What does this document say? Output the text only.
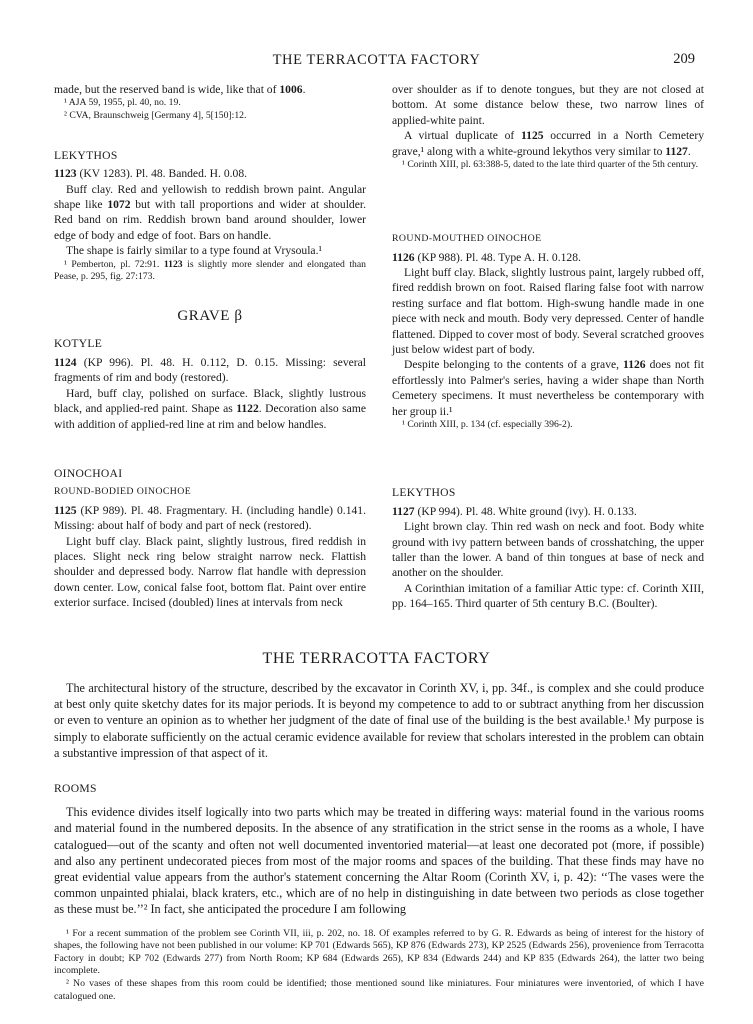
THE TERRACOTTA FACTORY	209

made, but the reserved band is wide, like that of 1006.

¹ AJA 59, 1955, pl. 40, no. 19.

² CVA, Braunschweig [Germany 4], 5[150]:12.

LEKYTHOS

1123 (KV 1283). Pl. 48. Banded. H. 0.08.

Buff clay. Red and yellowish to reddish brown paint. Angular shape like 1072 but with tall proportions and wider at shoulder. Red band on rim. Reddish brown band around shoulder, lower edge of body and edge of foot. Bars on handle.

The shape is fairly similar to a type found at Vrysoula.¹

¹ Pemberton, pl. 72:91. 1123 is slightly more slender and elongated than Pease, p. 295, fig. 27:173.

GRAVE β
KOTYLE

1124 (KP 996). Pl. 48. H. 0.112, D. 0.15. Missing: several fragments of rim and body (restored).

Hard, buff clay, polished on surface. Black, slightly lustrous black, and applied-red paint. Shape as 1122. Decoration also same with addition of applied-red line at rim and below handles.

OINOCHOAI
ROUND-BODIED OINOCHOE

1125 (KP 989). Pl. 48. Fragmentary. H. (including handle) 0.141. Missing: about half of body and part of neck (restored).

Light buff clay. Black paint, slightly lustrous, fired reddish in places. Slight neck ring below straight narrow neck. Flattish shoulder and depressed body. Narrow flat handle with depression down center. Low, conical false foot, bottom flat. Paint over entire exterior surface. Incised (doubled) lines at intervals from neck

over shoulder as if to denote tongues, but they are not closed at bottom. At some distance below these, two narrow lines of applied-white paint.

A virtual duplicate of 1125 occurred in a North Cemetery grave,¹ along with a white-ground lekythos very similar to 1127.

¹ Corinth XIII, pl. 63:388-5, dated to the late third quarter of the 5th century.

ROUND-MOUTHED OINOCHOE

1126 (KP 988). Pl. 48. Type A. H. 0.128.

Light buff clay. Black, slightly lustrous paint, largely rubbed off, fired reddish brown on foot. Raised flaring false foot with narrow resting surface and flat bottom. High-swung handle made in one piece with neck and mouth. Body very depressed. Center of handle flattened. Dipped to cover most of body. Several scratched grooves just below widest part of body.

Despite belonging to the contents of a grave, 1126 does not fit effortlessly into Palmer's series, having a wider shape than North Cemetery specimens. It must nevertheless be contemporary with her group ii.¹

¹ Corinth XIII, p. 134 (cf. especially 396-2).

LEKYTHOS

1127 (KP 994). Pl. 48. White ground (ivy). H. 0.133.

Light brown clay. Thin red wash on neck and foot. Body white ground with ivy pattern between bands of crosshatching, the upper taller than the lower. A band of thin tongues at base of neck and another on the shoulder.

A Corinthian imitation of a familiar Attic type: cf. Corinth XIII, pp. 164–165. Third quarter of 5th century B.C. (Boulter).

THE TERRACOTTA FACTORY

The architectural history of the structure, described by the excavator in Corinth XV, i, pp. 34f., is complex and she could produce at best only quite sketchy dates for its major periods. It is beyond my competence to add to or subtract anything from her discussion or even to venture an opinion as to whether her judgment of the date of final use of the building is the best available.¹ My purpose is simply to elaborate sufficiently on the actual ceramic evidence available for review that scholars interested in the problem can obtain a substantive impression of that aspect of it.

ROOMS

This evidence divides itself logically into two parts which may be treated in differing ways: material found in the various rooms and material found in the numbered deposits. In the absence of any stratification in the strict sense in the rooms as a whole, I have catalogued—out of the scanty and often not well documented inventoried material—at least one decorated pot (more, if possible) and also any pertinent undecorated pieces from most of the major rooms and spaces of the building. That these finds may have no great evidential value appears from the author's statement concerning the Altar Room (Corinth XV, i, p. 42): ‘‘The vases were the common unpainted phialai, black kraters, etc., which are of no help in distinguishing in date between two periods as close together as these must be.’’² In fact, she anticipated the procedure I am following

¹ For a recent summation of the problem see Corinth VII, iii, p. 202, no. 18. Of examples referred to by G. R. Edwards as being of interest for the history of shapes, the following have not been published in our volume: KP 701 (Edwards 565), KP 876 (Edwards 273), KP 2525 (Edwards 256), provenience from Terracotta Factory in doubt; KP 702 (Edwards 277) from North Room; KP 684 (Edwards 265), KP 834 (Edwards 244) and KP 835 (Edwards 264), the latter two being incomplete.

² No vases of these shapes from this room could be identified; those mentioned sound like miniatures. Four miniatures were inventoried, of which I have catalogued one.
